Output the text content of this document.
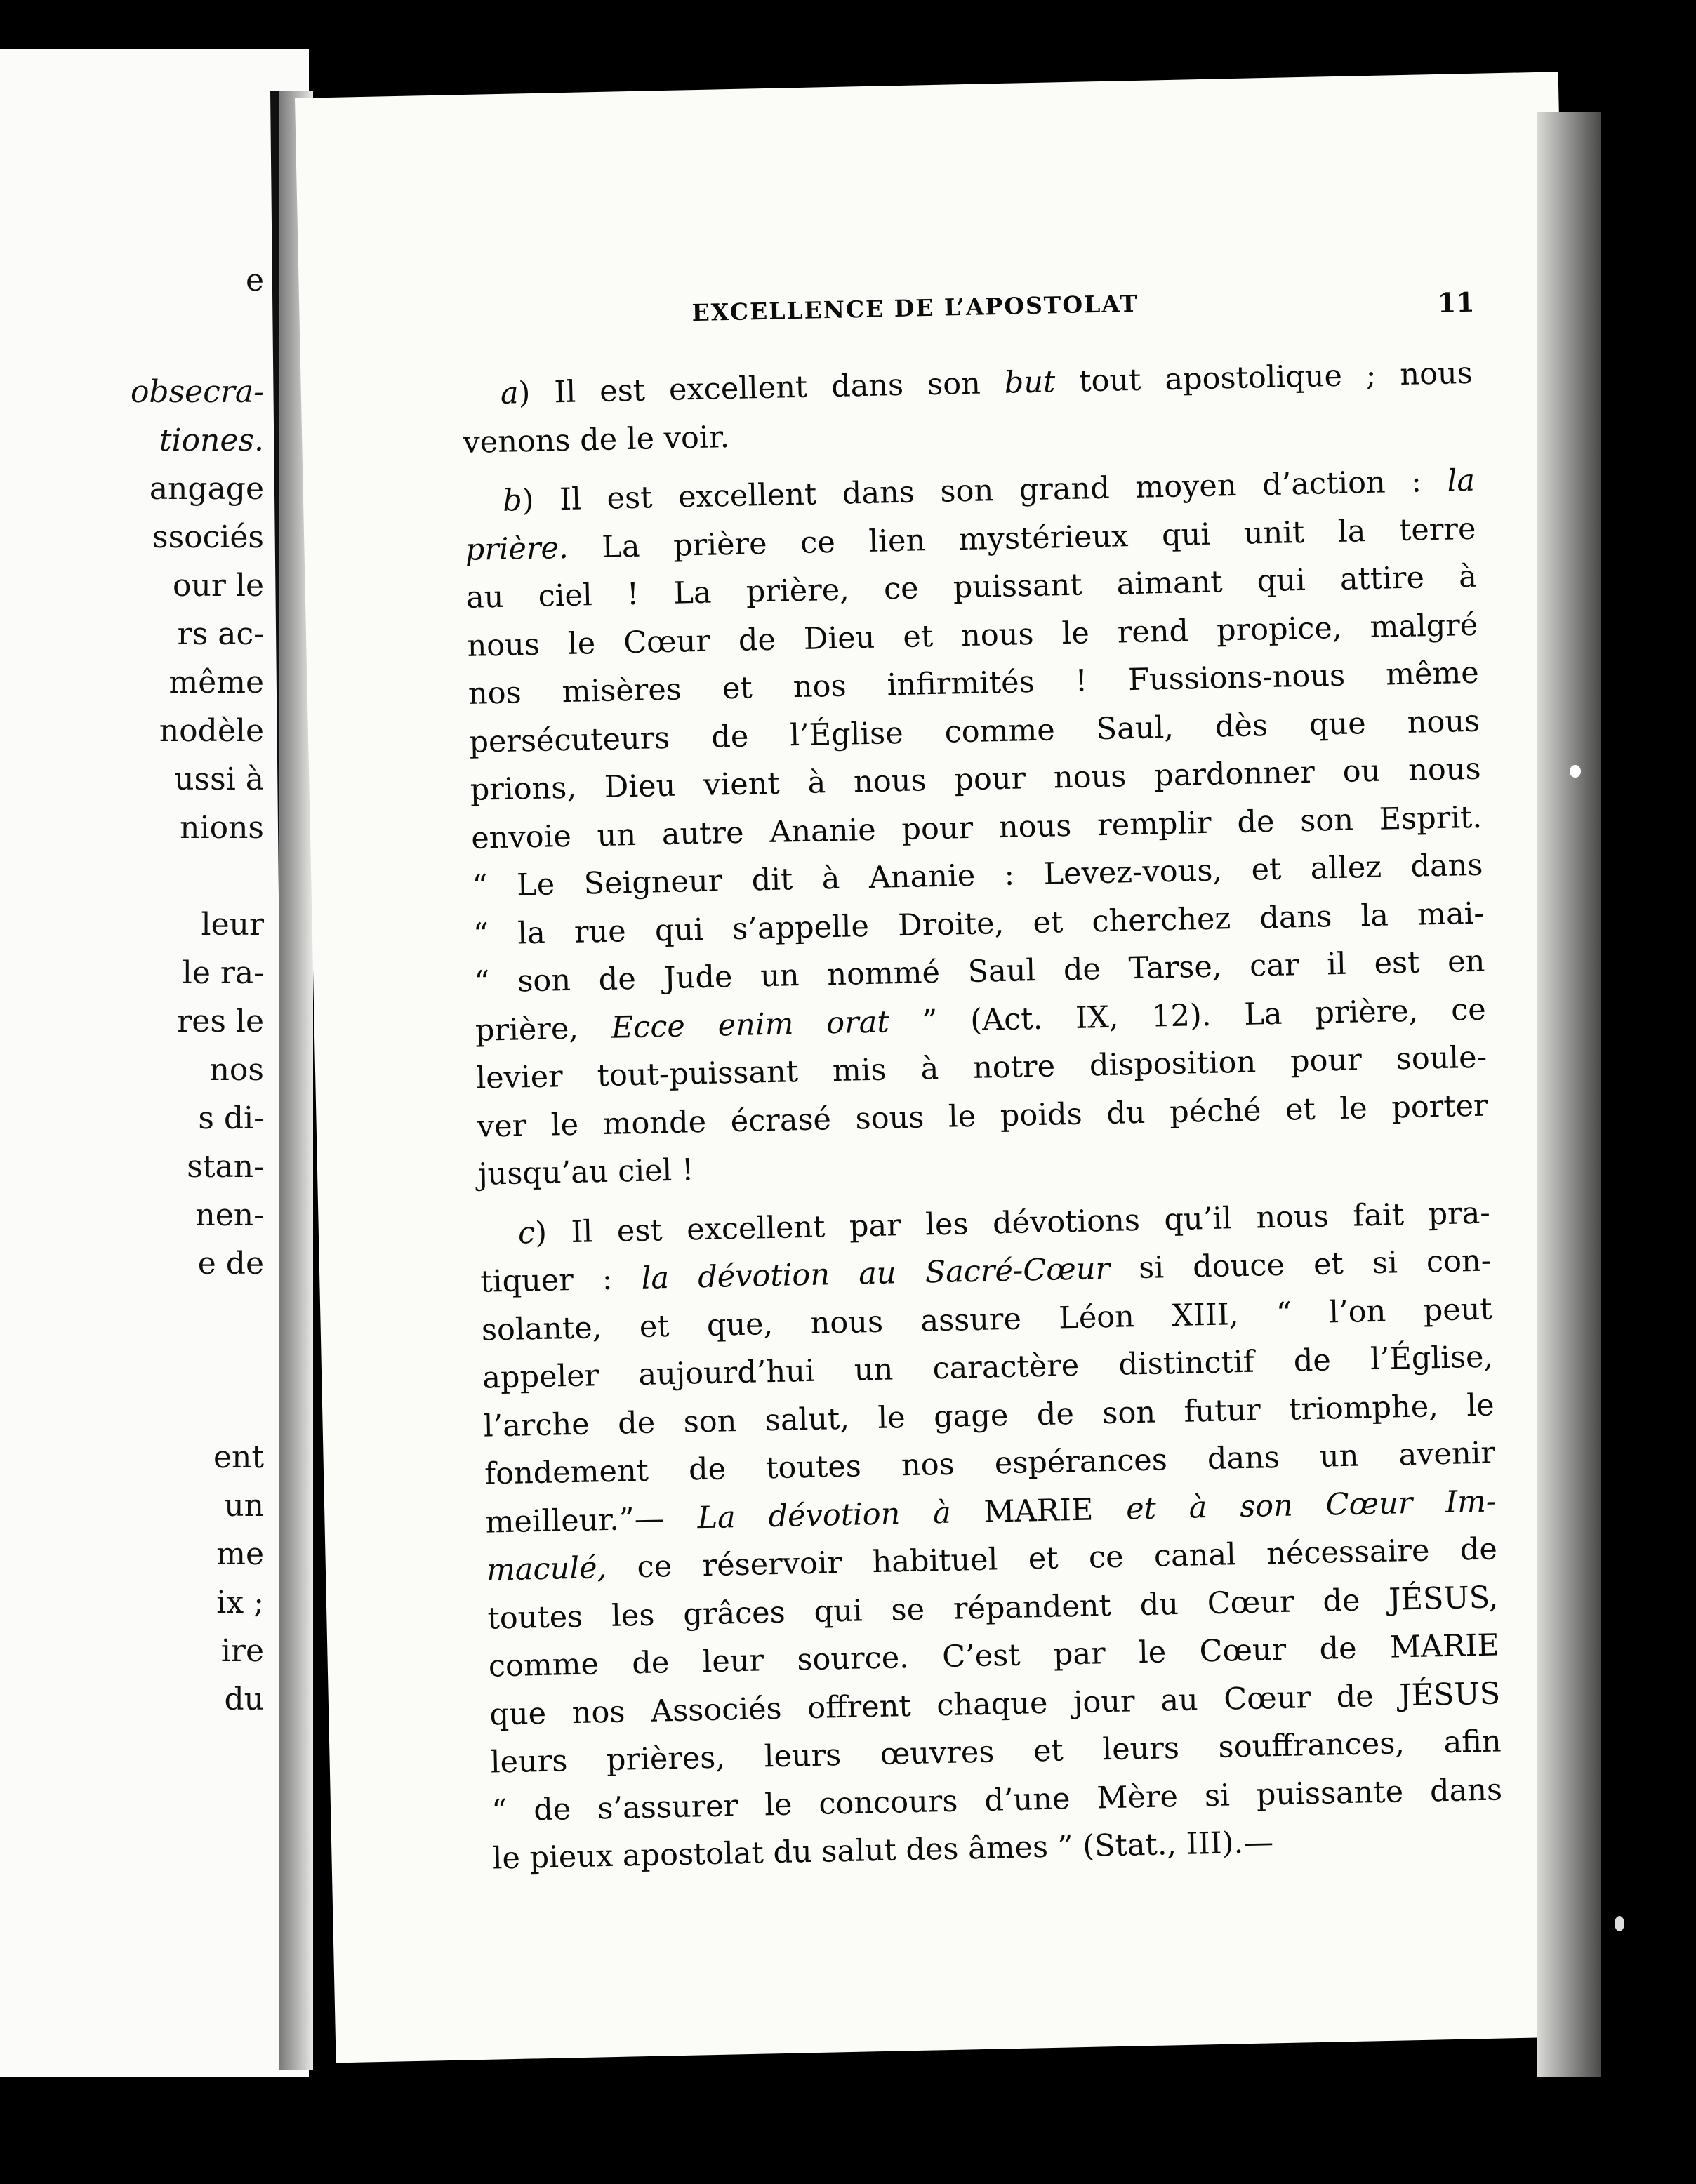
e
obsecra-
tiones.
angage
ssociés
our le
rs ac-
même
nodèle
ussi à
nions
leur
le ra-
res le
nos
s di-
stan-
nen-
e de
ent
un
me
ix ;
ire
du
EXCELLENCE DE L’APOSTOLAT	11
a) Il est excellent dans son but tout apostolique ; nous
venons de le voir.
b) Il est excellent dans son grand moyen d’action : la
prière. La prière ce lien mystérieux qui unit la terre
au ciel ! La prière, ce puissant aimant qui attire à
nous le Cœur de Dieu et nous le rend propice, malgré
nos misères et nos infirmités ! Fussions-nous même
persécuteurs de l’Église comme Saul, dès que nous
prions, Dieu vient à nous pour nous pardonner ou nous
envoie un autre Ananie pour nous remplir de son Esprit.
“ Le Seigneur dit à Ananie : Levez-vous, et allez dans
“ la rue qui s’appelle Droite, et cherchez dans la mai-
“ son de Jude un nommé Saul de Tarse, car il est en
prière, Ecce enim orat ” (Act. IX, 12). La prière, ce
levier tout-puissant mis à notre disposition pour soule-
ver le monde écrasé sous le poids du péché et le porter
jusqu’au ciel !
c) Il est excellent par les dévotions qu’il nous fait pra-
tiquer : la dévotion au Sacré-Cœur si douce et si con-
solante, et que, nous assure Léon XIII, “ l’on peut
appeler aujourd’hui un caractère distinctif de l’Église,
l’arche de son salut, le gage de son futur triomphe, le
fondement de toutes nos espérances dans un avenir
meilleur.”— La dévotion à MARIE et à son Cœur Im-
maculé, ce réservoir habituel et ce canal nécessaire de
toutes les grâces qui se répandent du Cœur de JÉSUS,
comme de leur source. C’est par le Cœur de MARIE
que nos Associés offrent chaque jour au Cœur de JÉSUS
leurs prières, leurs œuvres et leurs souffrances, afin
“ de s’assurer le concours d’une Mère si puissante dans
le pieux apostolat du salut des âmes ” (Stat., III).—
